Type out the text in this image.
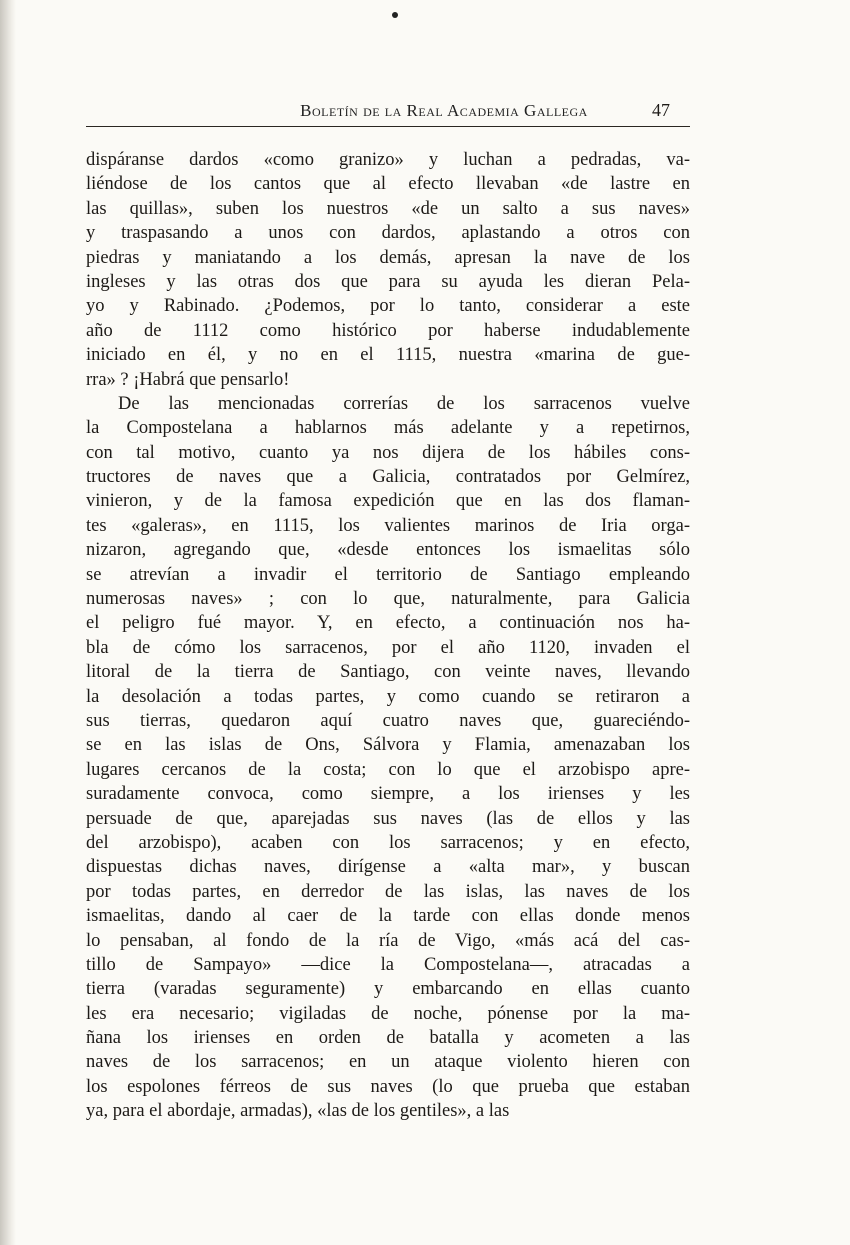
Boletín de la Real Academia Gallega	47
dispáranse dardos «como granizo» y luchan a pedradas, va-
liéndose de los cantos que al efecto llevaban «de lastre en
las quillas», suben los nuestros «de un salto a sus naves»
y traspasando a unos con dardos, aplastando a otros con
piedras y maniatando a los demás, apresan la nave de los
ingleses y las otras dos que para su ayuda les dieran Pela-
yo y Rabinado. ¿Podemos, por lo tanto, considerar a este
año de 1112 como histórico por haberse indudablemente
iniciado en él, y no en el 1115, nuestra «marina de gue-
rra» ? ¡Habrá que pensarlo!
De las mencionadas correrías de los sarracenos vuelve
la Compostelana a hablarnos más adelante y a repetirnos,
con tal motivo, cuanto ya nos dijera de los hábiles cons-
tructores de naves que a Galicia, contratados por Gelmírez,
vinieron, y de la famosa expedición que en las dos flaman-
tes «galeras», en 1115, los valientes marinos de Iria orga-
nizaron, agregando que, «desde entonces los ismaelitas sólo
se atrevían a invadir el territorio de Santiago empleando
numerosas naves» ; con lo que, naturalmente, para Galicia
el peligro fué mayor. Y, en efecto, a continuación nos ha-
bla de cómo los sarracenos, por el año 1120, invaden el
litoral de la tierra de Santiago, con veinte naves, llevando
la desolación a todas partes, y como cuando se retiraron a
sus tierras, quedaron aquí cuatro naves que, guareciéndo-
se en las islas de Ons, Sálvora y Flamia, amenazaban los
lugares cercanos de la costa; con lo que el arzobispo apre-
suradamente convoca, como siempre, a los irienses y les
persuade de que, aparejadas sus naves (las de ellos y las
del arzobispo), acaben con los sarracenos; y en efecto,
dispuestas dichas naves, dirígense a «alta mar», y buscan
por todas partes, en derredor de las islas, las naves de los
ismaelitas, dando al caer de la tarde con ellas donde menos
lo pensaban, al fondo de la ría de Vigo, «más acá del cas-
tillo de Sampayo» —dice la Compostelana—, atracadas a
tierra (varadas seguramente) y embarcando en ellas cuanto
les era necesario; vigiladas de noche, pónense por la ma-
ñana los irienses en orden de batalla y acometen a las
naves de los sarracenos; en un ataque violento hieren con
los espolones férreos de sus naves (lo que prueba que estaban
ya, para el abordaje, armadas), «las de los gentiles», a las
